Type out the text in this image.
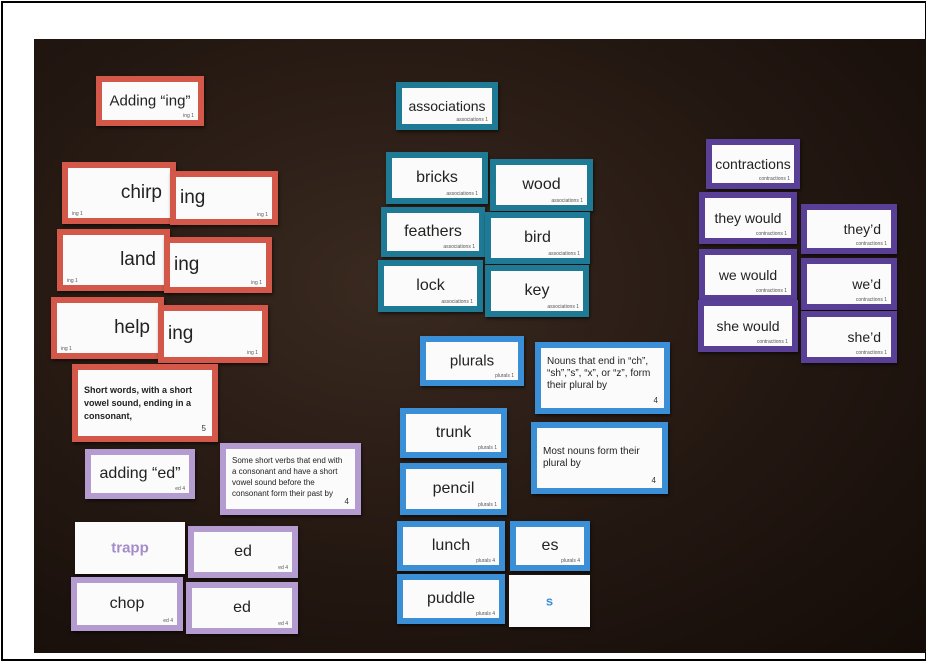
Adding “ing”
ing 1
chirp
ing 1
ing
ing 1
land
ing 1
ing
ing 1
help
ing 1
ing
ing 1
Short words, with a short vowel sound, ending in a consonant,
5
adding “ed”
ed 4
Some short verbs that end with a consonant and have a short vowel sound before the consonant form their past by
4
trapp	ed
ed 4
chop
ed 4
ed
ed 4
associations
associations 1
bricks
associations 1
wood
associations 1
feathers
associations 1
bird
associations 1
lock
associations 1
key
associations 1
plurals
plurals 1
Nouns that end in “ch”, “sh”,”s”, “x”, or “z”, form their plural by
4
trunk
plurals 1	Most nouns form their plural by
4
pencil
plurals 1
lunch
plurals 4
es
plurals 4
puddle
plurals 4
s
contractions
contractions 1
they would
contractions 1	they’d
contractions 1
we would
contractions 1	we’d
contractions 1
she would
contractions 1	she’d
contractions 1
